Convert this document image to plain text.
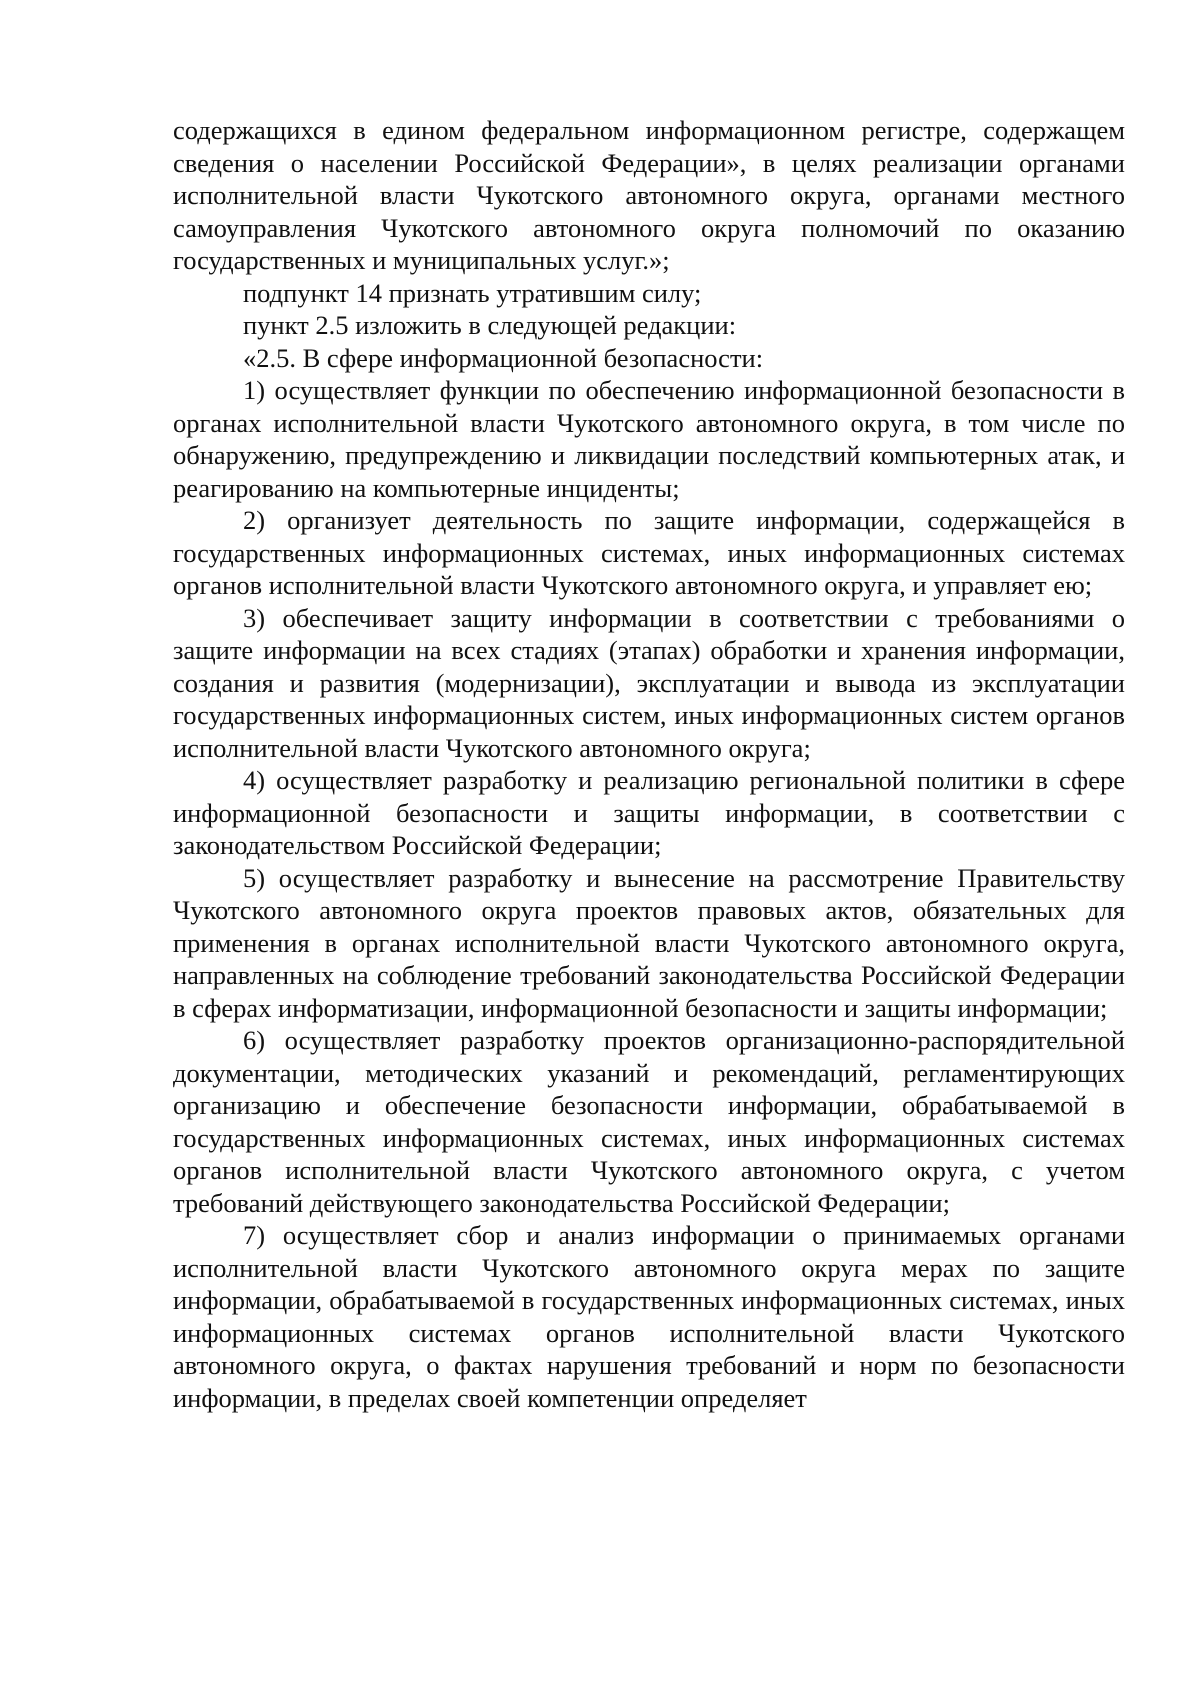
содержащихся в едином федеральном информационном регистре, содержащем сведения о населении Российской Федерации», в целях реализации органами исполнительной власти Чукотского автономного округа, органами местного самоуправления Чукотского автономного округа полномочий по оказанию государственных и муниципальных услуг.»;

подпункт 14 признать утратившим силу;

пункт 2.5 изложить в следующей редакции:

«2.5. В сфере информационной безопасности:

1) осуществляет функции по обеспечению информационной безопасности в органах исполнительной власти Чукотского автономного округа, в том числе по обнаружению, предупреждению и ликвидации последствий компьютерных атак, и реагированию на компьютерные инциденты;

2) организует деятельность по защите информации, содержащейся в государственных информационных системах, иных информационных системах органов исполнительной власти Чукотского автономного округа, и управляет ею;

3) обеспечивает защиту информации в соответствии с требованиями о защите информации на всех стадиях (этапах) обработки и хранения информации, создания и развития (модернизации), эксплуатации и вывода из эксплуатации государственных информационных систем, иных информационных систем органов исполнительной власти Чукотского автономного округа;

4) осуществляет разработку и реализацию региональной политики в сфере информационной безопасности и защиты информации, в соответствии с законодательством Российской Федерации;

5) осуществляет разработку и вынесение на рассмотрение Правительству Чукотского автономного округа проектов правовых актов, обязательных для применения в органах исполнительной власти Чукотского автономного округа, направленных на соблюдение требований законодательства Российской Федерации в сферах информатизации, информационной безопасности и защиты информации;

6) осуществляет разработку проектов организационно-распорядительной документации, методических указаний и рекомендаций, регламентирующих организацию и обеспечение безопасности информации, обрабатываемой в государственных информационных системах, иных информационных системах органов исполнительной власти Чукотского автономного округа, с учетом требований действующего законодательства Российской Федерации;

7) осуществляет сбор и анализ информации о принимаемых органами исполнительной власти Чукотского автономного округа мерах по защите информации, обрабатываемой в государственных информационных системах, иных информационных системах органов исполнительной власти Чукотского автономного округа, о фактах нарушения требований и норм по безопасности информации, в пределах своей компетенции определяет
